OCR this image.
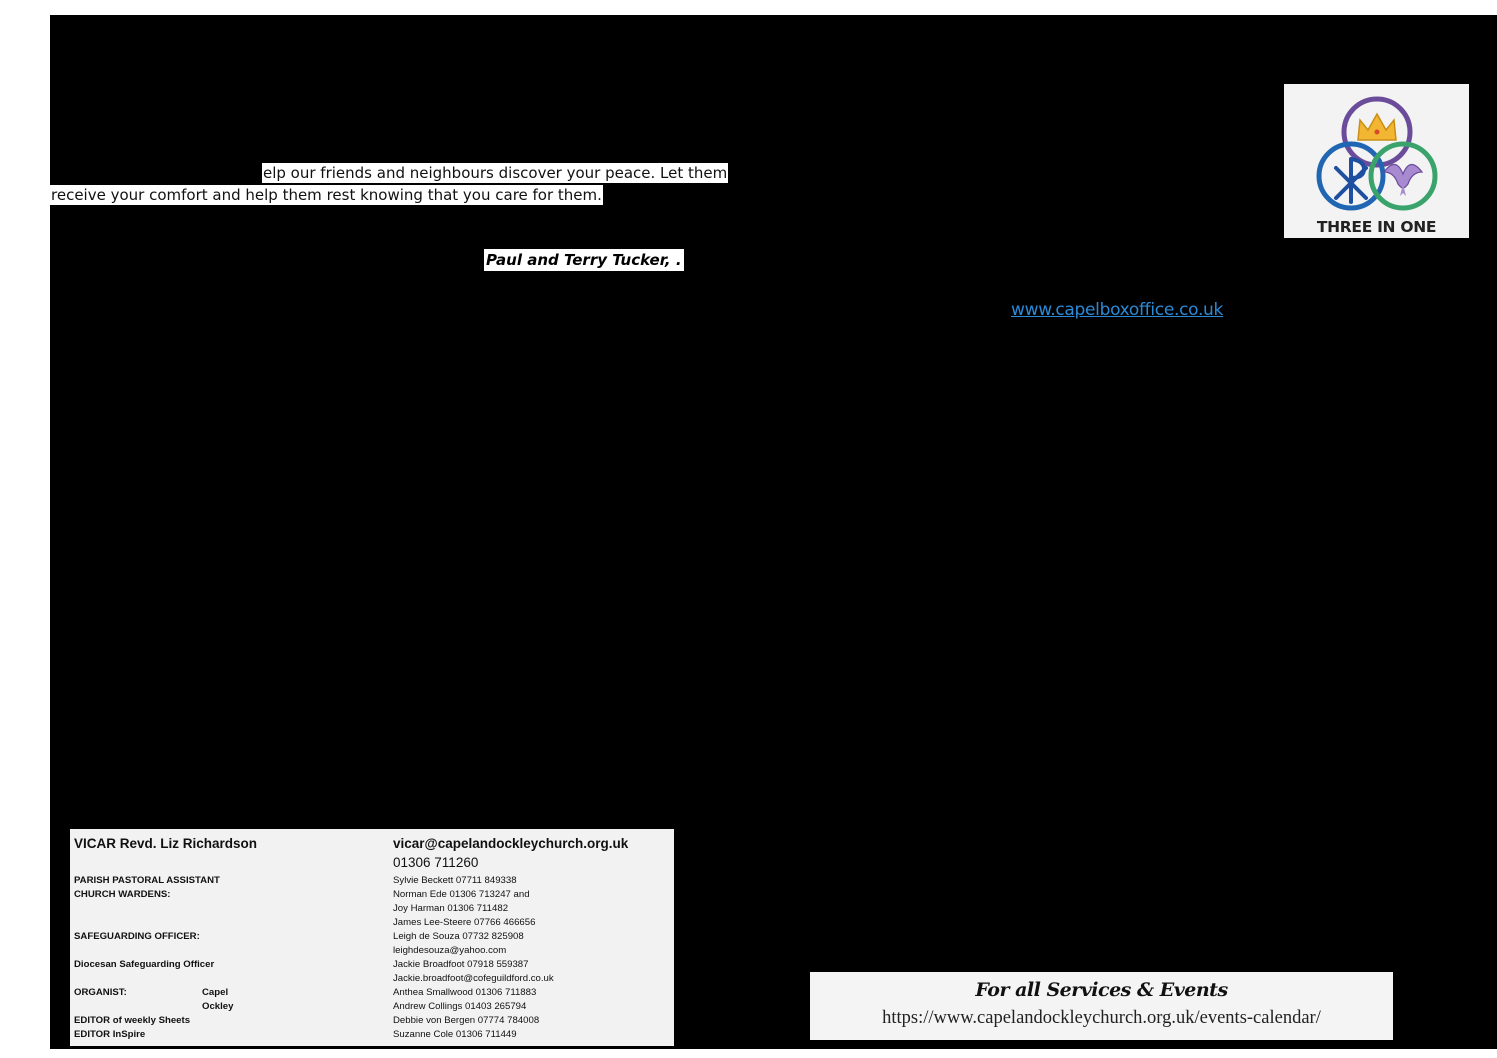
elp our friends and neighbours discover your peace. Let them
receive your comfort and help them rest knowing that you care for them.
Paul and Terry Tucker, .
www.capelboxoffice.co.uk
THREE IN ONE
VICAR Revd. Liz Richardson	vicar@capelandockleychurch.org.uk
01306 711260
PARISH PASTORAL ASSISTANT	Sylvie Beckett 07711 849338
CHURCH WARDENS:	Norman Ede 01306 713247 and
Joy Harman 01306 711482
James Lee-Steere 07766 466656
SAFEGUARDING OFFICER:	Leigh de Souza 07732 825908
leighdesouza@yahoo.com
Diocesan Safeguarding Officer	Jackie Broadfoot 07918 559387
Jackie.broadfoot@cofeguildford.co.uk
ORGANIST:	Capel	Anthea Smallwood 01306 711883
Ockley	Andrew Collings 01403 265794
EDITOR of weekly Sheets	Debbie von Bergen 07774 784008
EDITOR InSpire	Suzanne Cole 01306 711449
For all Services & Events
https://www.capelandockleychurch.org.uk/events-calendar/
